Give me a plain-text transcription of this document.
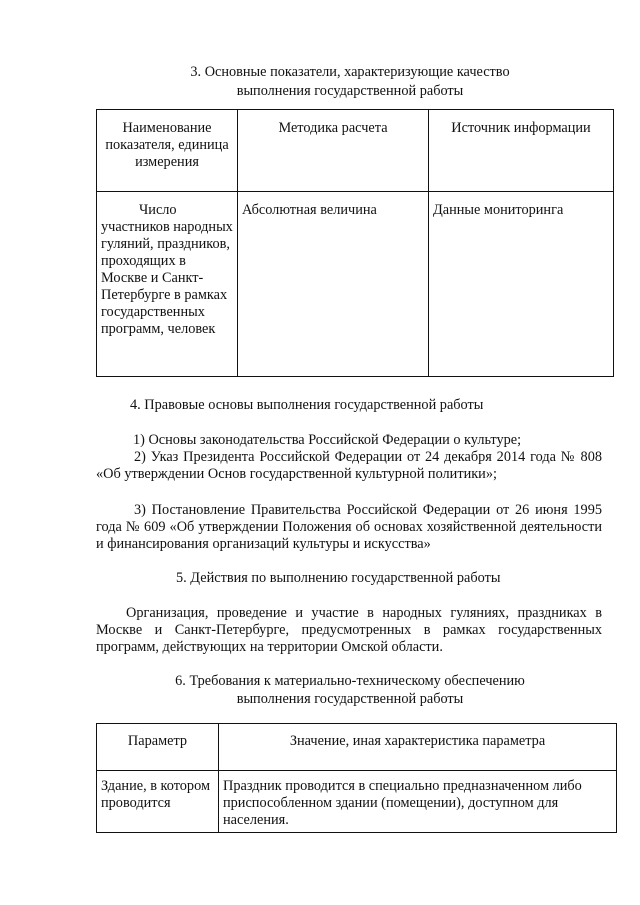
3. Основные показатели, характеризующие качество
выполнения государственной работы
Наименование показателя, единица измерения	Методика расчета	Источник информации

Число участников народных гуляний, праздников, проходящих в Москве и Санкт-Петербурге в рамках государственных программ, человек	Абсолютная величина	Данные мониторинга
4. Правовые основы выполнения государственной работы
1) Основы законодательства Российской Федерации о культуре;
2) Указ Президента Российской Федерации от 24 декабря 2014 года № 808 «Об утверждении Основ государственной культурной политики»;
3) Постановление Правительства Российской Федерации от 26 июня 1995 года № 609 «Об утверждении Положения об основах хозяйственной деятельности и финансирования организаций культуры и искусства»
5. Действия по выполнению государственной работы
Организация, проведение и участие в народных гуляниях, праздниках в Москве и Санкт-Петербурге, предусмотренных в рамках государственных программ, действующих на территории Омской области.
6. Требования к материально-техническому обеспечению
выполнения государственной работы
Параметр	Значение, иная характеристика параметра

Здание, в котором проводится	Праздник проводится в специально предназначенном либо приспособленном здании (помещении), доступном для населения.
